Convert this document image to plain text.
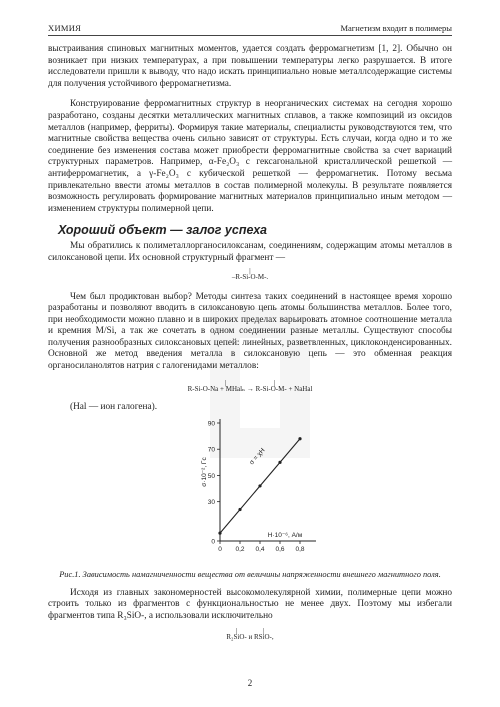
ХИМИЯ	Магнетизм входит в полимеры

выстраивания спиновых магнитных моментов, удается создать ферромагнетизм [1, 2]. Обычно он возникает при низких температурах, а при повышении температуры легко разрушается. В итоге исследователи пришли к выводу, что надо искать принципиально новые металлсодержащие системы для получения устойчивого ферромагнетизма.

Конструирование ферромагнитных структур в неорганических системах на сегодня хорошо разработано, созданы десятки металлических магнитных сплавов, а также композиций из оксидов металлов (например, ферриты). Формируя такие материалы, специалисты руководствуются тем, что магнитные свойства вещества очень сильно зависят от структуры. Есть случаи, когда одно и то же соединение без изменения состава может приобрести ферромагнитные свойства за счет вариаций структурных параметров. Например, α-Fe₂O₃ с гексагональной кристаллической решеткой — антиферромагнетик, а γ-Fe₂O₃ с кубической решеткой — ферромагнетик. Потому весьма привлекательно ввести атомы металлов в состав полимерной молекулы. В результате появляется возможность регулировать формирование магнитных материалов принципиально иным методом — изменением структуры полимерной цепи.

Хороший объект — залог успеха

Мы обратились к полиметаллорганосилоксанам, соединениям, содержащим атомы металлов в силоксановой цепи. Их основной структурный фрагмент —

|
–R-Si-O-M-.

Чем был продиктован выбор? Методы синтеза таких соединений в настоящее время хорошо разработаны и позволяют вводить в силоксановую цепь атомы большинства металлов. Более того, при необходимости можно плавно и в широких пределах варьировать атомное соотношение металла и кремния M/Si, а так же сочетать в одном соединении разные металлы. Существуют способы получения разнообразных силоксановых цепей: линейных, разветвленных, циклоконденсированных. Основной же метод введения металла в силоксановую цепь — это обменная реакция органосиланолятов натрия с галогенидами металлов:

|                           |
R-Si-O-Na + MHalₙ → R-Si-O-M- + NaHal

(Hal — ион галогена).

0
30
50
70
90
0 0,2 0,4 0,6 0,8
σ = χH
σ·10⁻², Гс
H·10⁻⁶, А/м

Рис.1. Зависимость намагниченности вещества от величины напряженности внешнего магнитного поля.

Исходя из главных закономерностей высокомолекулярной химии, полимерные цепи можно строить только из фрагментов с функциональностью не менее двух. Поэтому мы избегали фрагментов типа R₃SiO-, а использовали исключительно

|               |
R₂SiO- и RSiO-,
2
